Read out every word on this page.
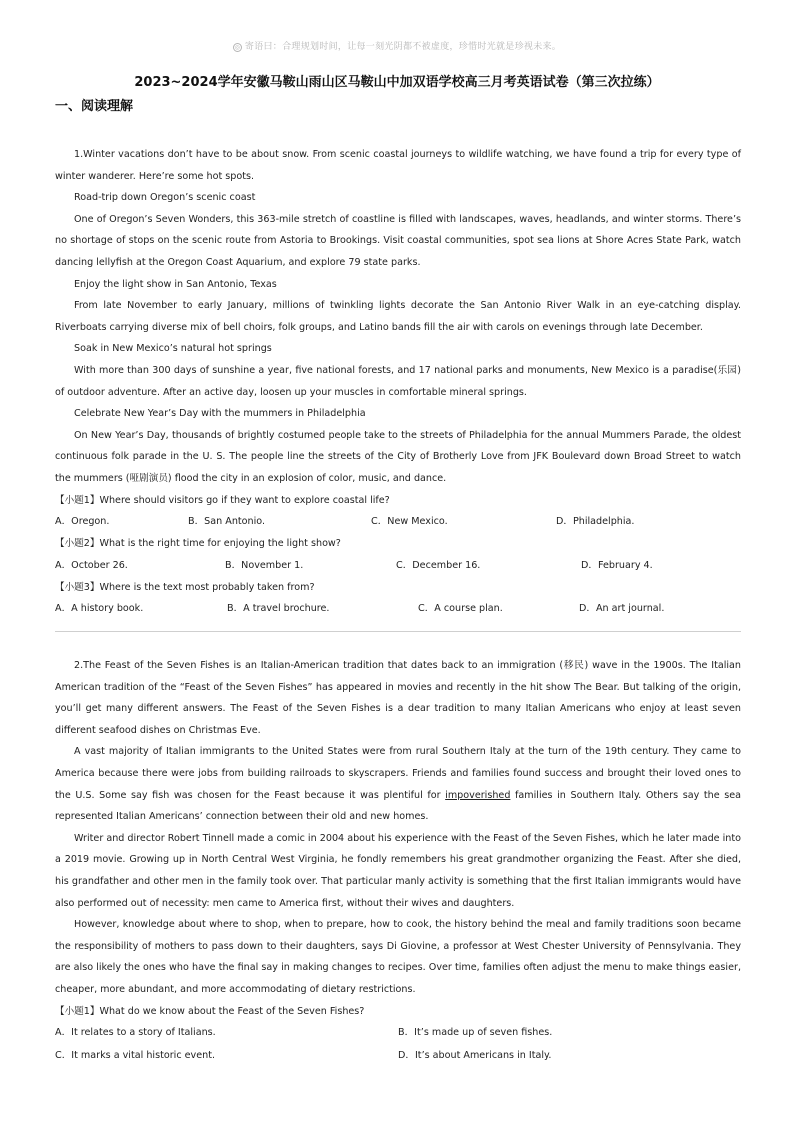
◎ 寄语曰：合理规划时间，让每一刻光阴都不被虚度，珍惜时光就是珍视未来。
2023~2024学年安徽马鞍山雨山区马鞍山中加双语学校高三月考英语试卷（第三次拉练）
一、阅读理解
1.Winter vacations don’t have to be about snow. From scenic coastal journeys to wildlife watching, we have found a trip for every type of winter wanderer. Here’re some hot spots.
Road-trip down Oregon’s scenic coast
One of Oregon’s Seven Wonders, this 363-mile stretch of coastline is filled with landscapes, waves, headlands, and winter storms. There’s no shortage of stops on the scenic route from Astoria to Brookings. Visit coastal communities, spot sea lions at Shore Acres State Park, watch dancing lellyfish at the Oregon Coast Aquarium, and explore 79 state parks.
Enjoy the light show in San Antonio, Texas
From late November to early January, millions of twinkling lights decorate the San Antonio River Walk in an eye-catching display. Riverboats carrying diverse mix of bell choirs, folk groups, and Latino bands fill the air with carols on evenings through late December.
Soak in New Mexico’s natural hot springs
With more than 300 days of sunshine a year, five national forests, and 17 national parks and monuments, New Mexico is a paradise(乐园) of outdoor adventure. After an active day, loosen up your muscles in comfortable mineral springs.
Celebrate New Year’s Day with the mummers in Philadelphia
On New Year’s Day, thousands of brightly costumed people take to the streets of Philadelphia for the annual Mummers Parade, the oldest continuous folk parade in the U. S. The people line the streets of the City of Brotherly Love from JFK Boulevard down Broad Street to watch the mummers (哑剧演员) flood the city in an explosion of color, music, and dance.
【小题1】Where should visitors go if they want to explore coastal life?
A．Oregon.	B．San Antonio.	C．New Mexico.	D．Philadelphia.
【小题2】What is the right time for enjoying the light show?
A．October 26.	B．November 1.	C．December 16.	D．February 4.
【小题3】Where is the text most probably taken from?
A．A history book.	B．A travel brochure.	C．A course plan.	D．An art journal.
2.The Feast of the Seven Fishes is an Italian-American tradition that dates back to an immigration (移民) wave in the 1900s. The Italian American tradition of the “Feast of the Seven Fishes” has appeared in movies and recently in the hit show The Bear. But talking of the origin, you’ll get many different answers. The Feast of the Seven Fishes is a dear tradition to many Italian Americans who enjoy at least seven different seafood dishes on Christmas Eve.
A vast majority of Italian immigrants to the United States were from rural Southern Italy at the turn of the 19th century. They came to America because there were jobs from building railroads to skyscrapers. Friends and families found success and brought their loved ones to the U.S. Some say fish was chosen for the Feast because it was plentiful for impoverished families in Southern Italy. Others say the sea represented Italian Americans’ connection between their old and new homes.
Writer and director Robert Tinnell made a comic in 2004 about his experience with the Feast of the Seven Fishes, which he later made into a 2019 movie. Growing up in North Central West Virginia, he fondly remembers his great grandmother organizing the Feast. After she died, his grandfather and other men in the family took over. That particular manly activity is something that the first Italian immigrants would have also performed out of necessity: men came to America first, without their wives and daughters.
However, knowledge about where to shop, when to prepare, how to cook, the history behind the meal and family traditions soon became the responsibility of mothers to pass down to their daughters, says Di Giovine, a professor at West Chester University of Pennsylvania. They are also likely the ones who have the final say in making changes to recipes. Over time, families often adjust the menu to make things easier, cheaper, more abundant, and more accommodating of dietary restrictions.
【小题1】What do we know about the Feast of the Seven Fishes?
A．It relates to a story of Italians.	B．It’s made up of seven fishes.
C．It marks a vital historic event.	D．It’s about Americans in Italy.
